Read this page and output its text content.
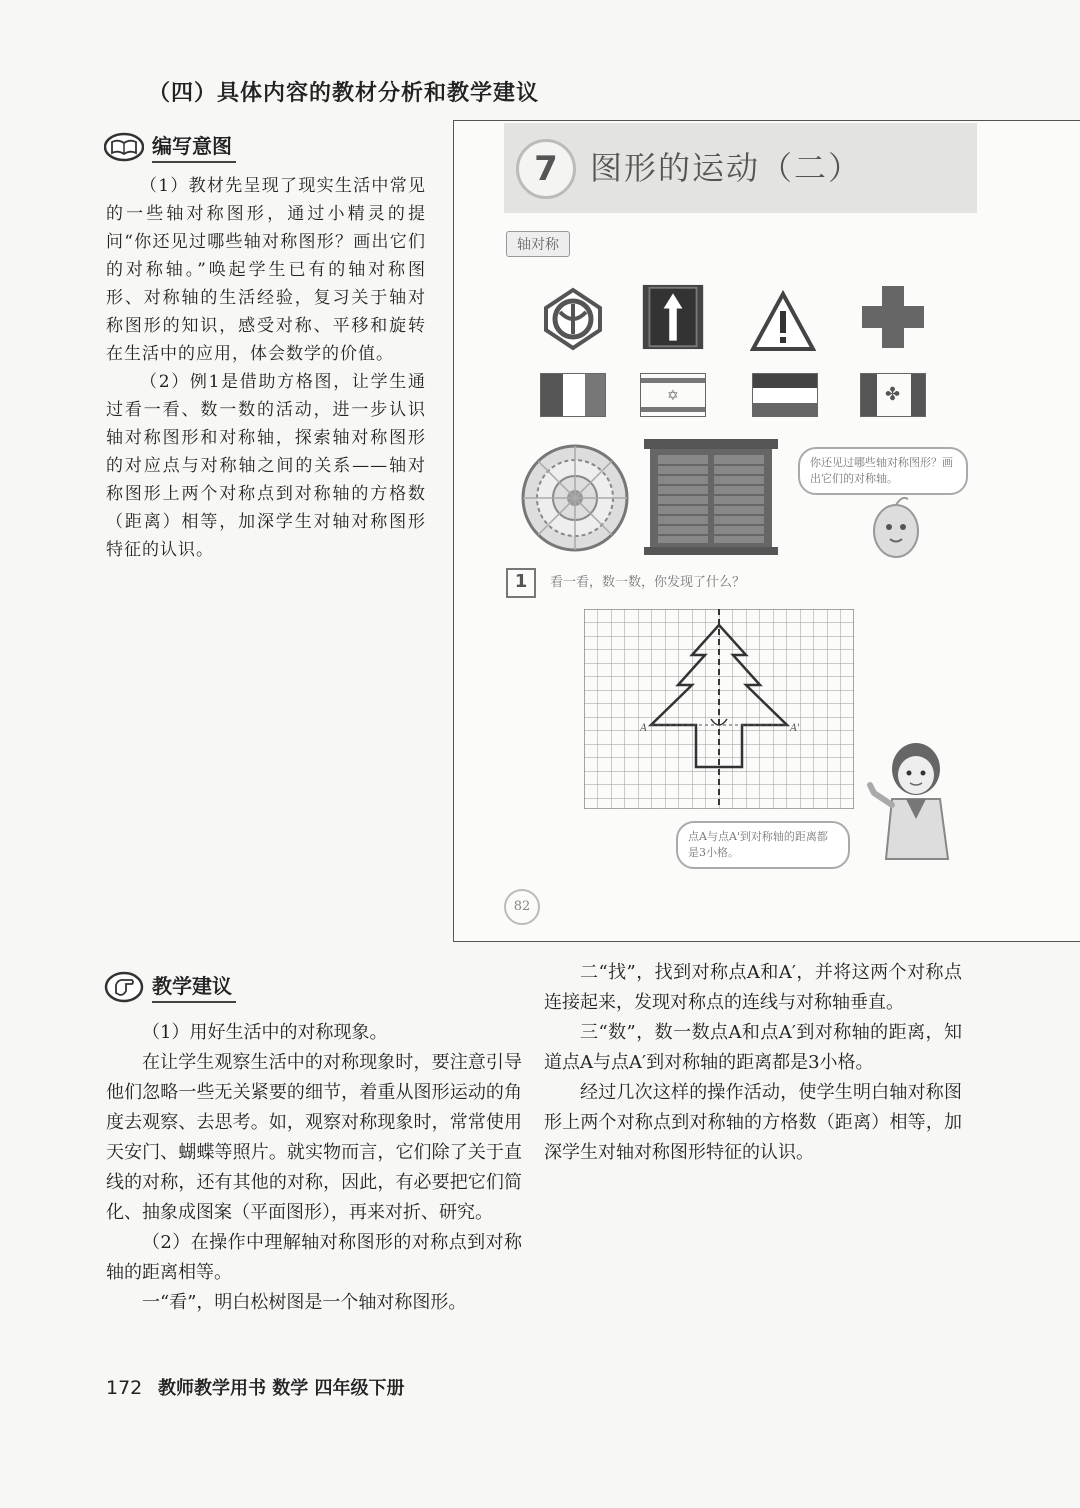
（四）具体内容的教材分析和教学建议
编写意图

（1）教材先呈现了现实生活中常见的一些轴对称图形，通过小精灵的提问“你还见过哪些轴对称图形？画出它们的对称轴。”唤起学生已有的轴对称图形、对称轴的生活经验，复习关于轴对称图形的知识，感受对称、平移和旋转在生活中的应用，体会数学的价值。

（2）例1是借助方格图，让学生通过看一看、数一数的活动，进一步认识轴对称图形和对称轴，探索轴对称图形的对应点与对称轴之间的关系——轴对称图形上两个对称点到对称轴的方格数（距离）相等，加深学生对轴对称图形特征的认识。

7	图形的运动（二）
轴对称
✡	✤
你还见过哪些轴对称图形？画出它们的对称轴。
1	看一看，数一数，你发现了什么？
A	A'
点A与点A'到对称轴的距离都是3小格。
82
教学建议

（1）用好生活中的对称现象。

在让学生观察生活中的对称现象时，要注意引导他们忽略一些无关紧要的细节，着重从图形运动的角度去观察、去思考。如，观察对称现象时，常常使用天安门、蝴蝶等照片。就实物而言，它们除了关于直线的对称，还有其他的对称，因此，有必要把它们简化、抽象成图案（平面图形），再来对折、研究。

（2）在操作中理解轴对称图形的对称点到对称轴的距离相等。

一“看”，明白松树图是一个轴对称图形。

二“找”，找到对称点A和A′，并将这两个对称点连接起来，发现对称点的连线与对称轴垂直。

三“数”，数一数点A和点A′到对称轴的距离，知道点A与点A′到对称轴的距离都是3小格。

经过几次这样的操作活动，使学生明白轴对称图形上两个对称点到对称轴的方格数（距离）相等，加深学生对轴对称图形特征的认识。

172 教师教学用书 数学 四年级下册
